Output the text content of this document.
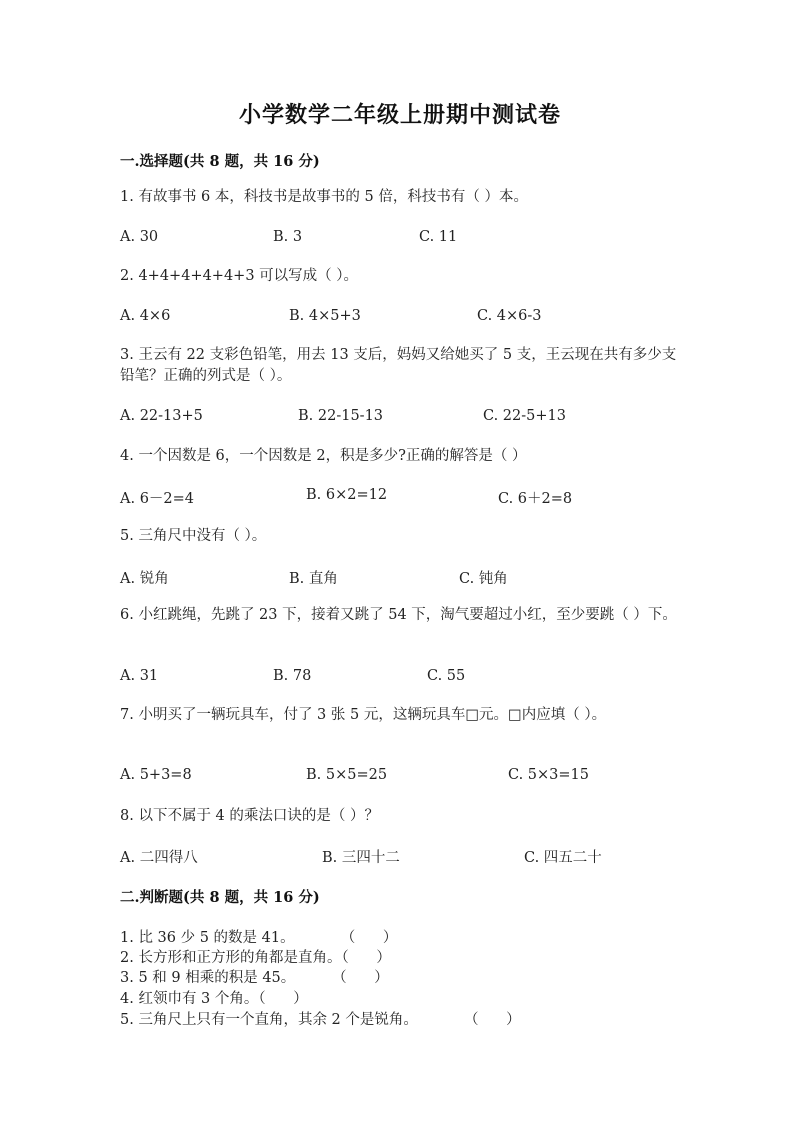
小学数学二年级上册期中测试卷
一.选择题(共 8 题，共 16 分)
1. 有故事书 6 本，科技书是故事书的 5 倍，科技书有（ ）本。
A. 30	B. 3	C. 11
2. 4+4+4+4+4+3 可以写成（ ）。
A. 4×6	B. 4×5+3	C. 4×6-3
3. 王云有 22 支彩色铅笔，用去 13 支后，妈妈又给她买了 5 支，王云现在共有多少支铅笔？正确的列式是（ ）。
A. 22-13+5	B. 22-15-13	C. 22-5+13
4. 一个因数是 6，一个因数是 2，积是多少?正确的解答是（ ）
A. 6－2=4	B. 6×2=12	C. 6＋2=8
5. 三角尺中没有（ ）。
A. 锐角	B. 直角	C. 钝角
6. 小红跳绳，先跳了 23 下，接着又跳了 54 下，淘气要超过小红，至少要跳（ ）下。
A. 31	B. 78	C. 55
7. 小明买了一辆玩具车，付了 3 张 5 元，这辆玩具车□元。□内应填（ ）。
A. 5+3=8	B. 5×5=25	C. 5×3=15
8. 以下不属于 4 的乘法口诀的是（ ）？
A. 二四得八	B. 三四十二	C. 四五二十
二.判断题(共 8 题，共 16 分)
1. 比 36 少 5 的数是 41。          （      ）
2. 长方形和正方形的角都是直角。（      ）
3. 5 和 9 相乘的积是 45。        （      ）
4. 红领巾有 3 个角。（      ）
5. 三角尺上只有一个直角，其余 2 个是锐角。          （      ）
